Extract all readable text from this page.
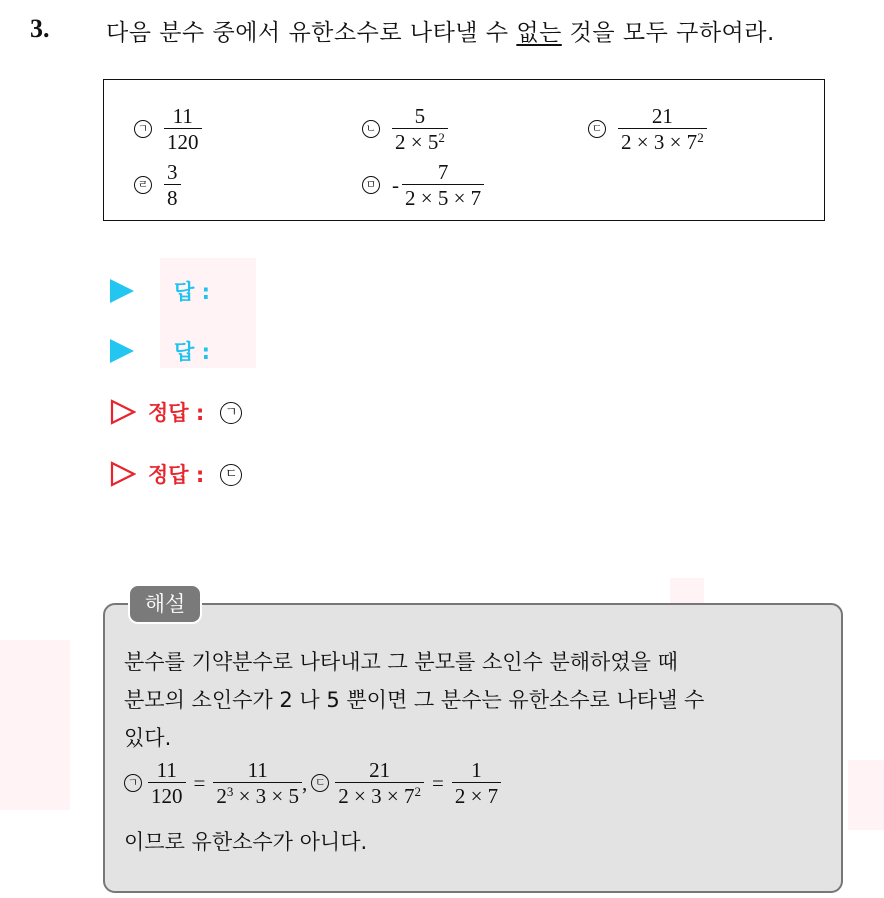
3. 다음 분수 중에서 유한소수로 나타낼 수 없는 것을 모두 구하여라.
ㄱ $\frac{11}{120}$	ㄴ $\frac{5}{2 \times 5^2}$	ㄷ $\frac{21}{2 \times 3 \times 7^2}$
ㄹ $\frac{3}{8}$	ㅁ - $\frac{7}{2 \times 5 \times 7}$
답 :
답 :
정답 :	ㄱ
정답 :	ㄷ
해설
분수를 기약분수로 나타내고 그 분모를 소인수 분해하였을 때
분모의 소인수가 2 나 5 뿐이면 그 분수는 유한소수로 나타낼 수
있다.
ㄱ $\frac{11}{120} = \frac{11}{2^3 \times 3 \times 5}$ , ㄷ $\frac{21}{2 \times 3 \times 7^2} = \frac{1}{2 \times 7}$
이므로 유한소수가 아니다.
